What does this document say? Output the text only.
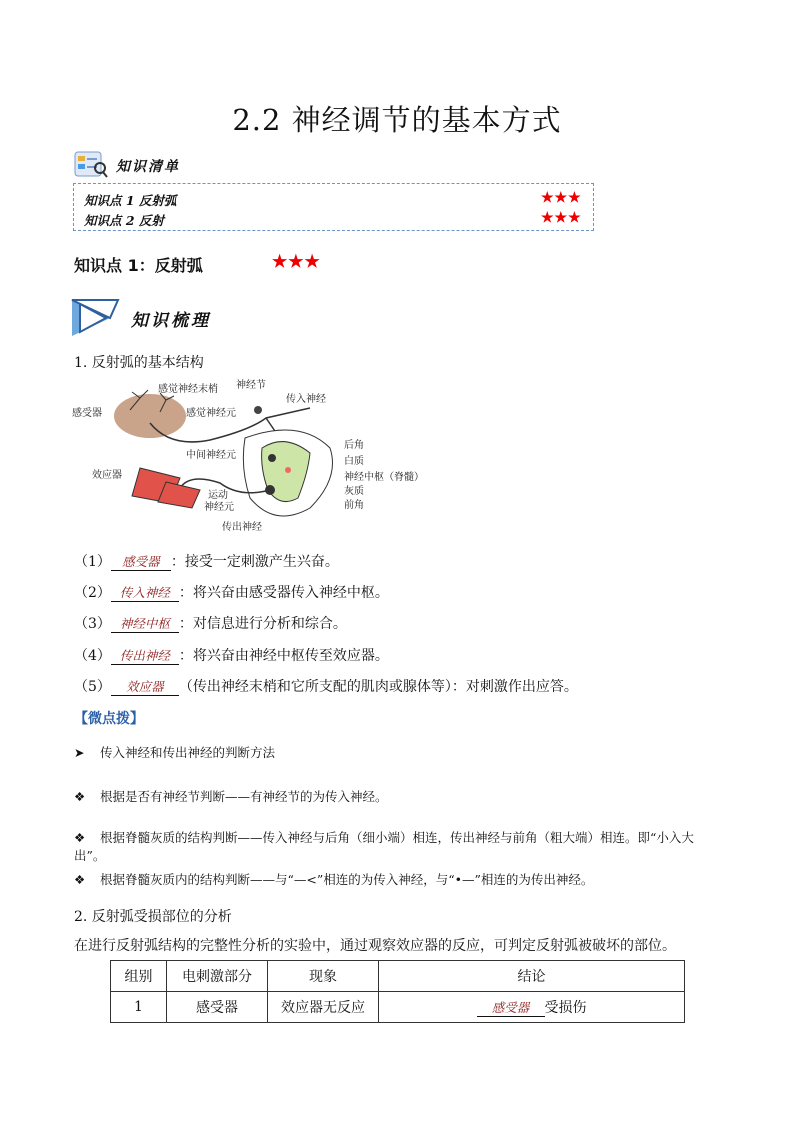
2.2 神经调节的基本方式
知识清单
知识点 1 反射弧	★★★
知识点 2 反射	★★★
知识点 1：反射弧	★★★
知识梳理
1. 反射弧的基本结构
感觉神经末梢 神经节
传入神经
感受器	感觉神经元
后角
白质
中间神经元
神经中枢（脊髓）
效应器
灰质
运动
神经元	前角
传出神经
（1） 感受器 ：接受一定刺激产生兴奋。
（2） 传入神经 ：将兴奋由感受器传入神经中枢。
（3） 神经中枢 ：对信息进行分析和综合。
（4） 传出神经 ：将兴奋由神经中枢传至效应器。
（5） 效应器 （传出神经末梢和它所支配的肌肉或腺体等）：对刺激作出应答。
【微点拨】
➤ 传入神经和传出神经的判断方法
❖ 根据是否有神经节判断——有神经节的为传入神经。
❖ 根据脊髓灰质的结构判断——传入神经与后角（细小端）相连，传出神经与前角（粗大端）相连。即“小入大出”。
❖ 根据脊髓灰质内的结构判断——与“—<”相连的为传入神经，与“•—”相连的为传出神经。
2. 反射弧受损部位的分析
在进行反射弧结构的完整性分析的实验中，通过观察效应器的反应，可判定反射弧被破坏的部位。
组别	电刺激部分	现象	结论
1	感受器	效应器无反应	感受器 受损伤
